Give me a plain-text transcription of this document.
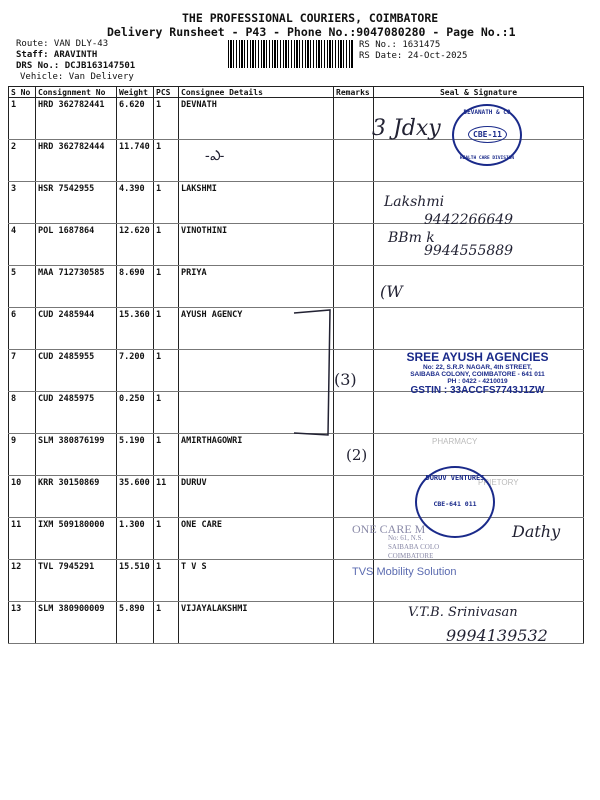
THE PROFESSIONAL COURIERS, COIMBATORE
Delivery Runsheet - P43 - Phone No.:9047080280 - Page No.:1
Route: VAN DLY-43
Staff: ARAVINTH
DRS No.: DCJB163147501
Vehicle: Van Delivery
RS No.: 1631475
RS Date: 24-Oct-2025
S No	Consignment No	Weight	PCS	Consignee Details	Remarks	Seal & Signature
1	HRD 362782441	6.620	1	DEVNATH		
2	HRD 362782444	11.740	1			
3	HSR 7542955	4.390	1	LAKSHMI		
4	POL 1687864	12.620	1	VINOTHINI		
5	MAA 712730585	8.690	1	PRIYA		
6	CUD 2485944	15.360	1	AYUSH AGENCY		
7	CUD 2485955	7.200	1			
8	CUD 2485975	0.250	1			
9	SLM 380876199	5.190	1	AMIRTHAGOWRI		
10	KRR 30150869	35.600	11	DURUV		
11	IXM 509180000	1.300	1	ONE CARE		
12	TVL 7945291	15.510	1	T V S		
13	SLM 380900009	5.890	1	VIJAYALAKSHMI		
DEVANATH & CO
CBE-11
HEALTH CARE DIVISION
3 Jdxy
-ఎ-
Lakshmi
9442266649
BBm k
9944555889
(W
(3)
SREE AYUSH AGENCIES
No: 22, S.R.P. NAGAR, 4th STREET,
SAIBABA COLONY, COIMBATORE - 641 011
PH : 0422 - 4210019
GSTIN : 33ACCFS7743J1ZW
(2)
PHARMACY
PRIETORY
DURUV VENTURES
CBE-641 011
ONE CARE M
No: 61, N.S.
SAIBABA COLO
COIMBATORE
Dathy
TVS Mobility Solution
V.T.B. Srinivasan
9994139532
